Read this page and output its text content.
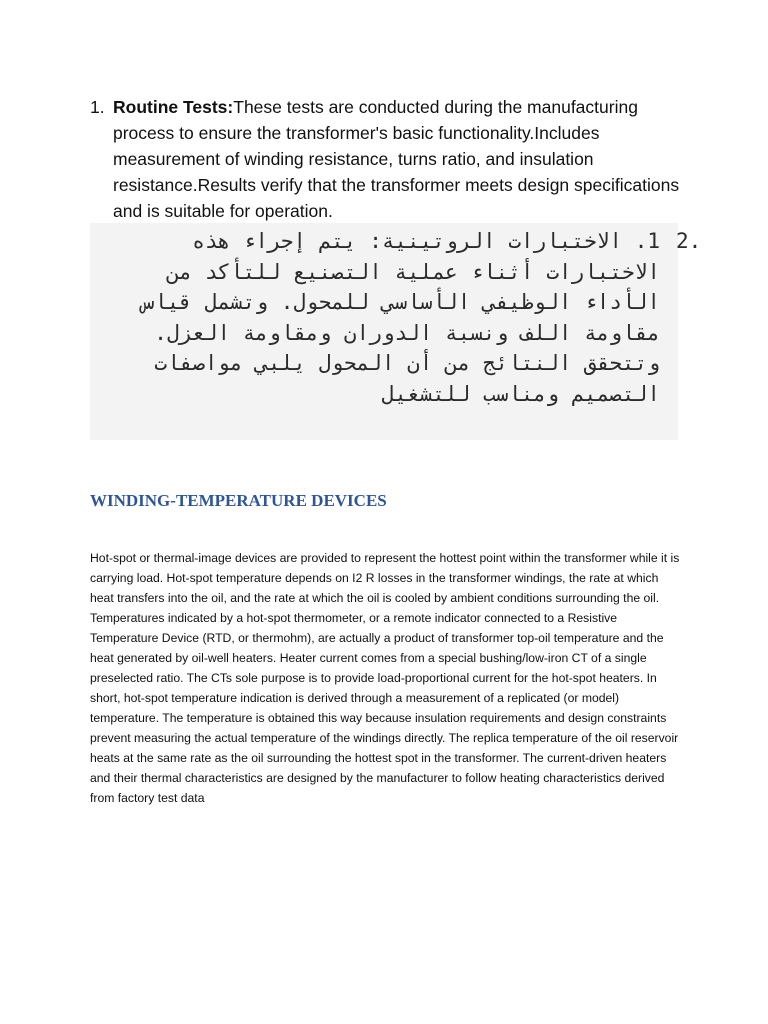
1. Routine Tests:These tests are conducted during the manufacturing process to ensure the transformer's basic functionality.Includes measurement of winding resistance, turns ratio, and insulation resistance.Results verify that the transformer meets design specifications and is suitable for operation.
1. الاختبارات الروتينية: يتم إجراء هذه الاختبارات أثناء عملية التصنيع للتأكد من الأداء الوظيفي الأساسي للمحول. وتشمل قياس مقاومة اللف ونسبة الدوران ومقاومة العزل. وتتحقق النتائج من أن المحول يلبي مواصفات التصميم ومناسب للتشغيل
2.
WINDING-TEMPERATURE DEVICES

Hot-spot or thermal-image devices are provided to represent the hottest point within the transformer while it is carrying load. Hot-spot temperature depends on I2 R losses in the transformer windings, the rate at which heat transfers into the oil, and the rate at which the oil is cooled by ambient conditions surrounding the oil. Temperatures indicated by a hot-spot thermometer, or a remote indicator connected to a Resistive Temperature Device (RTD, or thermohm), are actually a product of transformer top-oil temperature and the heat generated by oil-well heaters. Heater current comes from a special bushing/low-iron CT of a single preselected ratio. The CTs sole purpose is to provide load-proportional current for the hot-spot heaters. In short, hot-spot temperature indication is derived through a measurement of a replicated (or model) temperature. The temperature is obtained this way because insulation requirements and design constraints prevent measuring the actual temperature of the windings directly. The replica temperature of the oil reservoir heats at the same rate as the oil surrounding the hottest spot in the transformer. The current-driven heaters and their thermal characteristics are designed by the manufacturer to follow heating characteristics derived from factory test data
